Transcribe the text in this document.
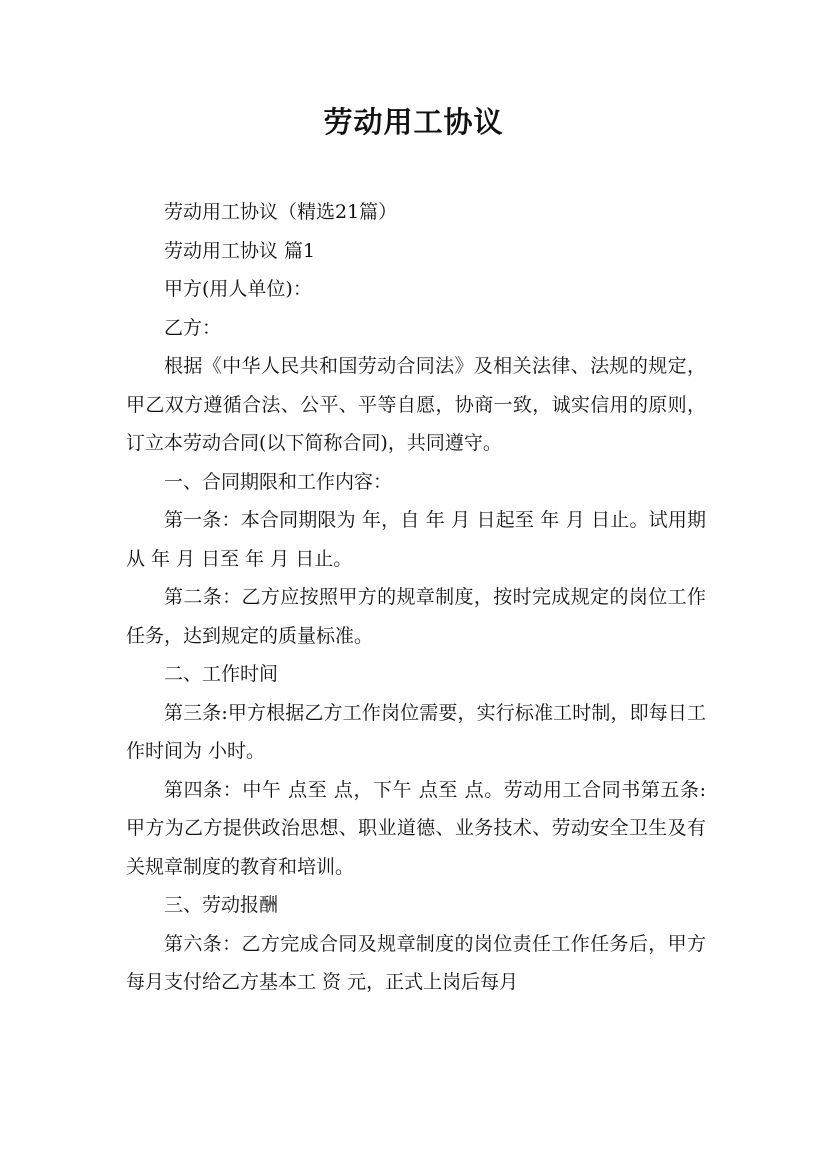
劳动用工协议

劳动用工协议（精选21篇）

劳动用工协议 篇1

甲方(用人单位)：

乙方：

根据《中华人民共和国劳动合同法》及相关法律、法规的规定，甲乙双方遵循合法、公平、平等自愿，协商一致，诚实信用的原则，订立本劳动合同(以下简称合同)，共同遵守。

一、合同期限和工作内容：

第一条：本合同期限为 年，自 年 月 日起至 年 月 日止。试用期从 年 月 日至 年 月 日止。

第二条：乙方应按照甲方的规章制度，按时完成规定的岗位工作任务，达到规定的质量标准。

二、工作时间

第三条:甲方根据乙方工作岗位需要，实行标准工时制，即每日工作时间为 小时。

第四条：中午 点至 点，下午 点至 点。劳动用工合同书第五条:甲方为乙方提供政治思想、职业道德、业务技术、劳动安全卫生及有关规章制度的教育和培训。

三、劳动报酬

第六条：乙方完成合同及规章制度的岗位责任工作任务后，甲方每月支付给乙方基本工 资 元，正式上岗后每月
